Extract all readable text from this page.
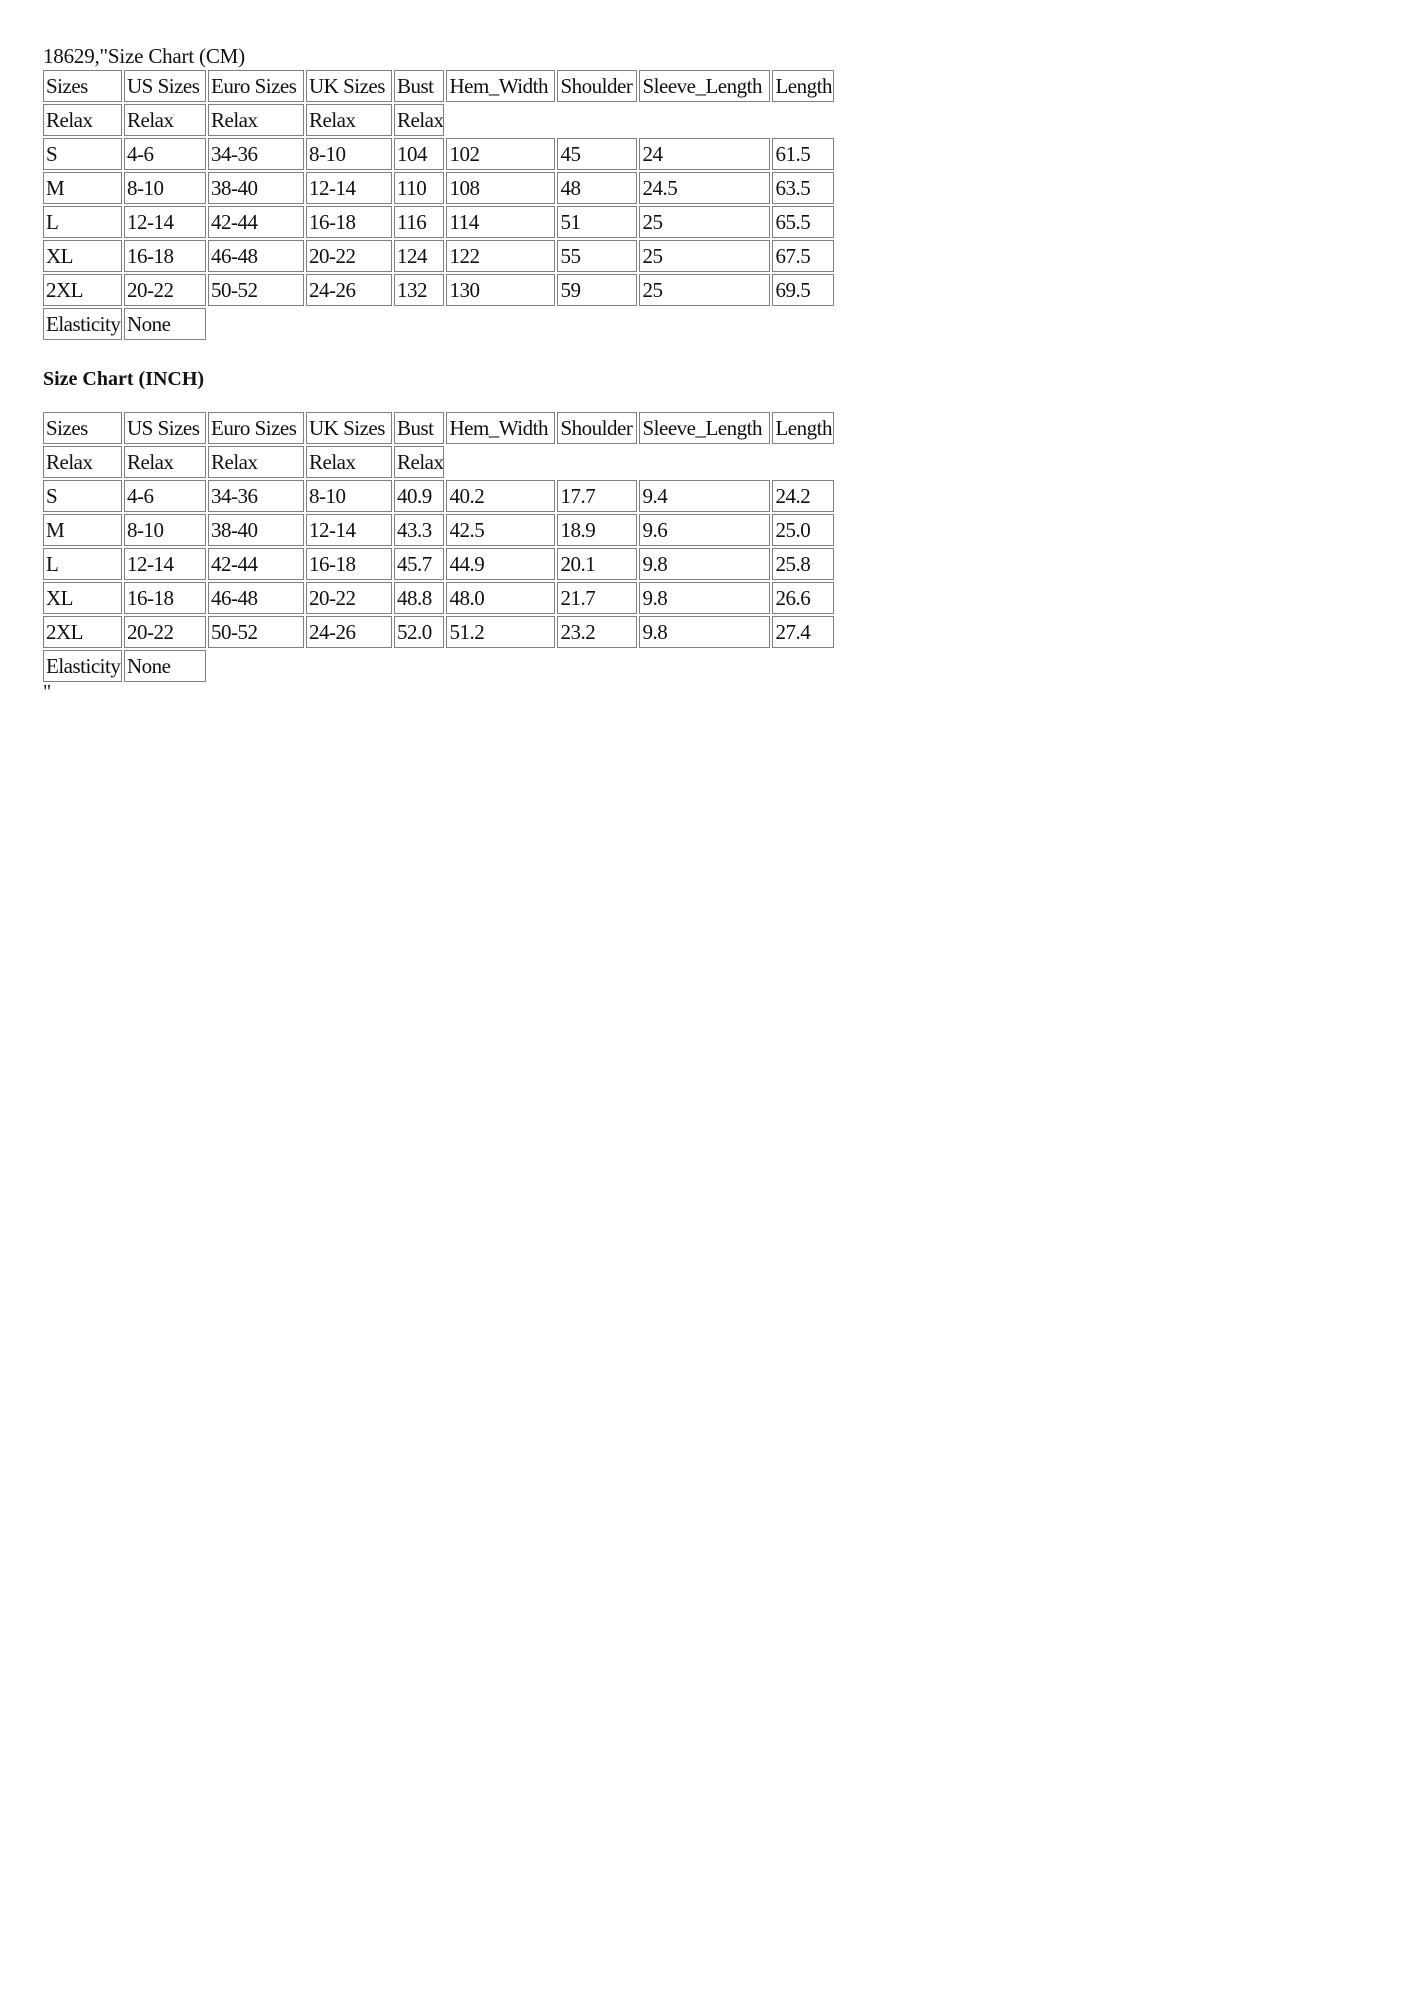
18629,"Size Chart (CM)
Sizes	US Sizes	Euro Sizes	UK Sizes	Bust	Hem_Width	Shoulder	Sleeve_Length	Length
Relax	Relax	Relax	Relax	Relax				
S	4-6	34-36	8-10	104	102	45	24	61.5
M	8-10	38-40	12-14	110	108	48	24.5	63.5
L	12-14	42-44	16-18	116	114	51	25	65.5
XL	16-18	46-48	20-22	124	122	55	25	67.5
2XL	20-22	50-52	24-26	132	130	59	25	69.5
Elasticity	None							
Size Chart (INCH)
Sizes	US Sizes	Euro Sizes	UK Sizes	Bust	Hem_Width	Shoulder	Sleeve_Length	Length
Relax	Relax	Relax	Relax	Relax				
S	4-6	34-36	8-10	40.9	40.2	17.7	9.4	24.2
M	8-10	38-40	12-14	43.3	42.5	18.9	9.6	25.0
L	12-14	42-44	16-18	45.7	44.9	20.1	9.8	25.8
XL	16-18	46-48	20-22	48.8	48.0	21.7	9.8	26.6
2XL	20-22	50-52	24-26	52.0	51.2	23.2	9.8	27.4
Elasticity	None							
"
